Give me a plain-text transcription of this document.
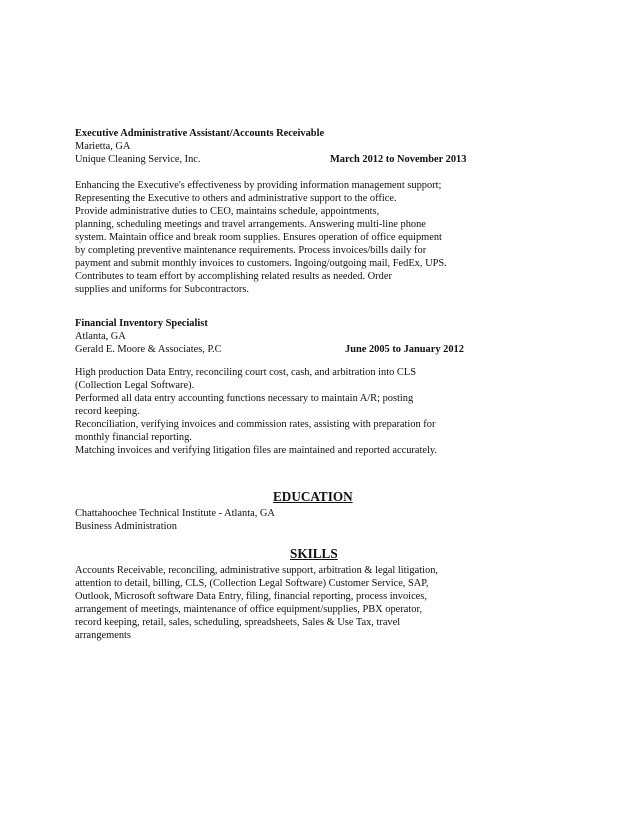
Executive Administrative Assistant/Accounts Receivable
Marietta, GA
Unique Cleaning Service, Inc.	March 2012 to November 2013
Enhancing the Executive's effectiveness by providing information management support;
Representing the Executive to others and administrative support to the office.
Provide administrative duties to CEO, maintains schedule, appointments,
planning, scheduling meetings and travel arrangements. Answering multi-line phone
system. Maintain office and break room supplies. Ensures operation of office equipment
by completing preventive maintenance requirements. Process invoices/bills daily for
payment and submit monthly invoices to customers. Ingoing/outgoing mail, FedEx, UPS.
Contributes to team effort by accomplishing related results as needed. Order
supplies and uniforms for Subcontractors.
Financial Inventory Specialist
Atlanta, GA
Gerald E. Moore & Associates, P.C	June 2005 to January 2012
High production Data Entry, reconciling court cost, cash, and arbitration into CLS
(Collection Legal Software).
Performed all data entry accounting functions necessary to maintain A/R; posting
record keeping.
Reconciliation, verifying invoices and commission rates, assisting with preparation for
monthly financial reporting.
Matching invoices and verifying litigation files are maintained and reported accurately.
EDUCATION
Chattahoochee Technical Institute - Atlanta, GA
Business Administration
SKILLS
Accounts Receivable, reconciling, administrative support, arbitration & legal litigation,
attention to detail, billing, CLS, (Collection Legal Software) Customer Service, SAP,
Outlook, Microsoft software Data Entry, filing, financial reporting, process invoices,
arrangement of meetings, maintenance of office equipment/supplies, PBX operator,
record keeping, retail, sales, scheduling, spreadsheets, Sales & Use Tax, travel
arrangements
